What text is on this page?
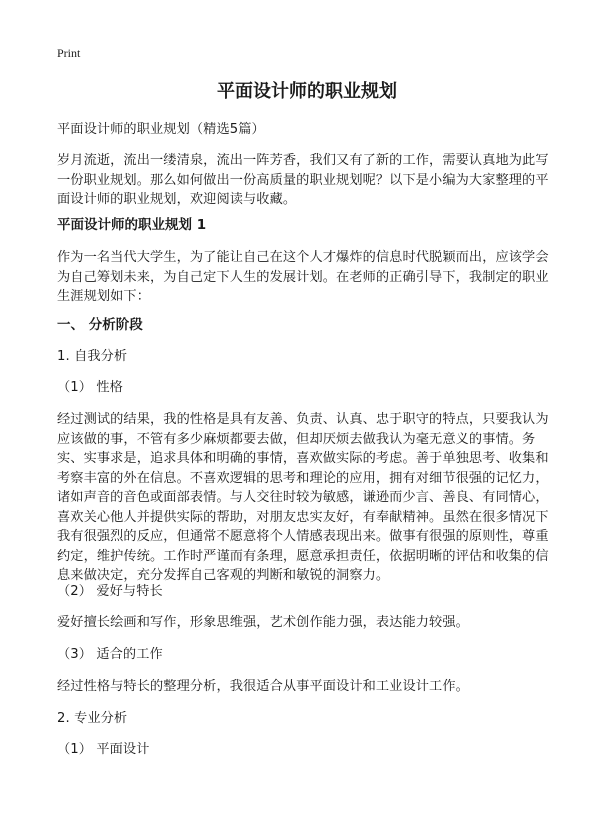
Print
平面设计师的职业规划

平面设计师的职业规划（精选5篇）

岁月流逝，流出一缕清泉，流出一阵芳香，我们又有了新的工作，需要认真地为此写一份职业规划。那么如何做出一份高质量的职业规划呢？以下是小编为大家整理的平面设计师的职业规划，欢迎阅读与收藏。

平面设计师的职业规划 1

作为一名当代大学生，为了能让自己在这个人才爆炸的信息时代脱颖而出，应该学会为自己筹划未来，为自己定下人生的发展计划。在老师的正确引导下，我制定的职业生涯规划如下：

一、 分析阶段

1. 自我分析

（1） 性格

经过测试的结果，我的性格是具有友善、负责、认真、忠于职守的特点，只要我认为应该做的事，不管有多少麻烦都要去做，但却厌烦去做我认为毫无意义的事情。务实、实事求是，追求具体和明确的事情，喜欢做实际的考虑。善于单独思考、收集和考察丰富的外在信息。不喜欢逻辑的思考和理论的应用，拥有对细节很强的记忆力，诸如声音的音色或面部表情。与人交往时较为敏感，谦逊而少言、善良、有同情心，喜欢关心他人并提供实际的帮助，对朋友忠实友好，有奉献精神。虽然在很多情况下我有很强烈的反应，但通常不愿意将个人情感表现出来。做事有很强的原则性，尊重约定，维护传统。工作时严谨而有条理，愿意承担责任，依据明晰的评估和收集的信息来做决定，充分发挥自己客观的判断和敏锐的洞察力。

（2） 爱好与特长

爱好擅长绘画和写作，形象思维强，艺术创作能力强，表达能力较强。

（3） 适合的工作

经过性格与特长的整理分析，我很适合从事平面设计和工业设计工作。

2. 专业分析

（1） 平面设计
